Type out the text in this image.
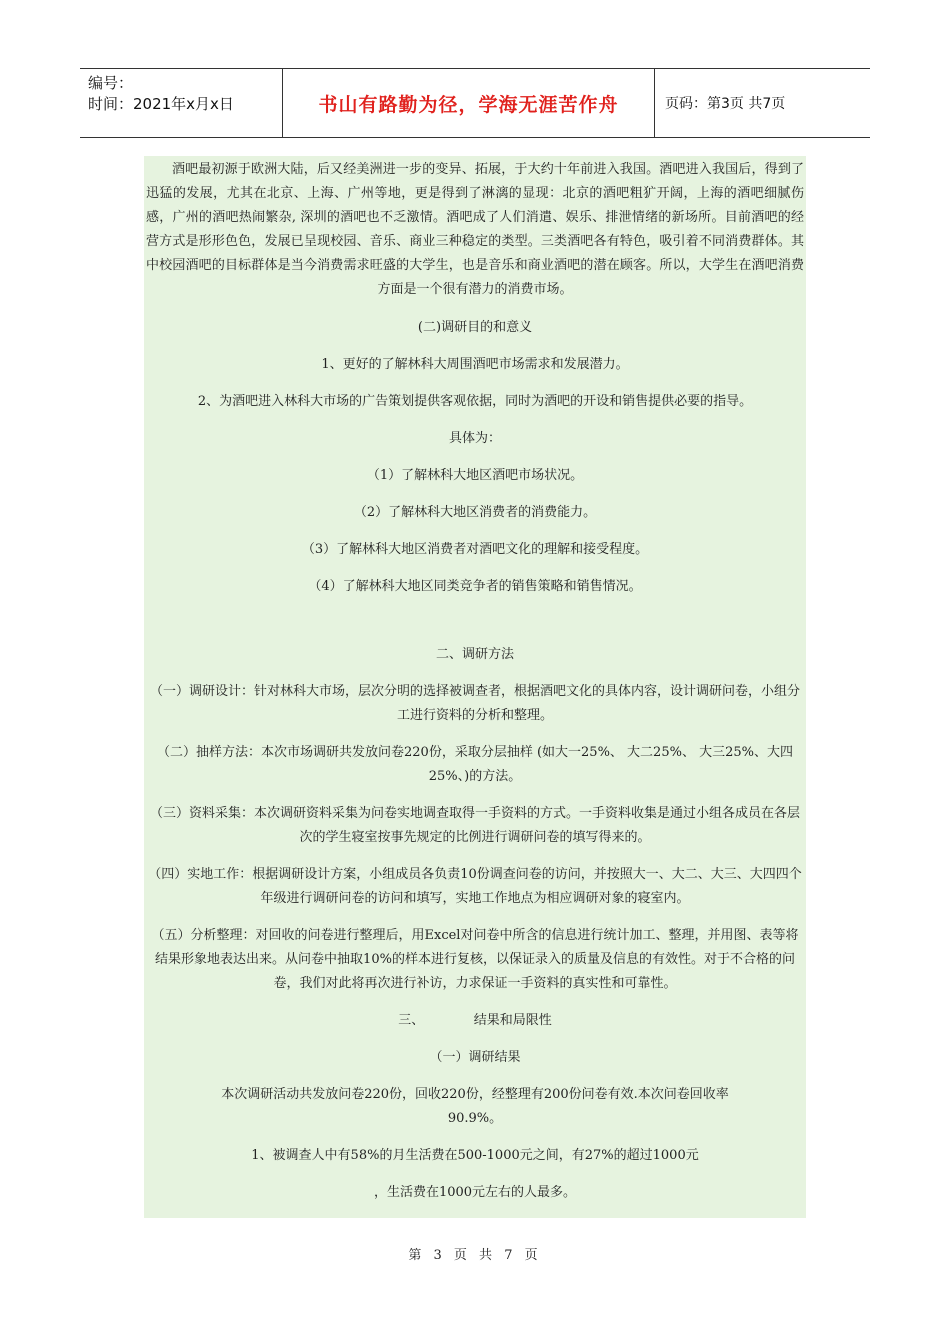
编号：
时间：2021年x月x日	书山有路勤为径，学海无涯苦作舟	页码：第3页 共7页

酒吧最初源于欧洲大陆，后又经美洲进一步的变异、拓展，于大约十年前进入我国。酒吧进入我国后，得到了迅猛的发展，尤其在北京、上海、广州等地，更是得到了淋漓的显现：北京的酒吧粗犷开阔，上海的酒吧细腻伤感，广州的酒吧热闹繁杂, 深圳的酒吧也不乏激情。酒吧成了人们消遣、娱乐、排泄情绪的新场所。目前酒吧的经营方式是形形色色，发展已呈现校园、音乐、商业三种稳定的类型。三类酒吧各有特色，吸引着不同消费群体。其中校园酒吧的目标群体是当今消费需求旺盛的大学生，也是音乐和商业酒吧的潜在顾客。所以，大学生在酒吧消费方面是一个很有潜力的消费市场。

(二)调研目的和意义

1、更好的了解林科大周围酒吧市场需求和发展潜力。

2、为酒吧进入林科大市场的广告策划提供客观依据，同时为酒吧的开设和销售提供必要的指导。

具体为：

（1）了解林科大地区酒吧市场状况。

（2）了解林科大地区消费者的消费能力。

（3）了解林科大地区消费者对酒吧文化的理解和接受程度。

（4）了解林科大地区同类竞争者的销售策略和销售情况。

二、调研方法

（一）调研设计：针对林科大市场，层次分明的选择被调查者，根据酒吧文化的具体内容，设计调研问卷，小组分工进行资料的分析和整理。

（二）抽样方法：本次市场调研共发放问卷220份，采取分层抽样 (如大一25%、 大二25%、 大三25%、大四25%、)的方法。

（三）资料采集：本次调研资料采集为问卷实地调查取得一手资料的方式。一手资料收集是通过小组各成员在各层次的学生寝室按事先规定的比例进行调研问卷的填写得来的。

（四）实地工作：根据调研设计方案，小组成员各负责10份调查问卷的访问，并按照大一、大二、大三、大四四个年级进行调研问卷的访问和填写，实地工作地点为相应调研对象的寝室内。

（五）分析整理：对回收的问卷进行整理后，用Excel对问卷中所含的信息进行统计加工、整理，并用图、表等将结果形象地表达出来。从问卷中抽取10%的样本进行复核，以保证录入的质量及信息的有效性。对于不合格的问卷，我们对此将再次进行补访，力求保证一手资料的真实性和可靠性。

三、            结果和局限性

（一）调研结果

本次调研活动共发放问卷220份，回收220份，经整理有200份问卷有效.本次问卷回收率90.9%。

1、被调查人中有58%的月生活费在500-1000元之间，有27%的超过1000元

，生活费在1000元左右的人最多。

第 3 页 共 7 页
